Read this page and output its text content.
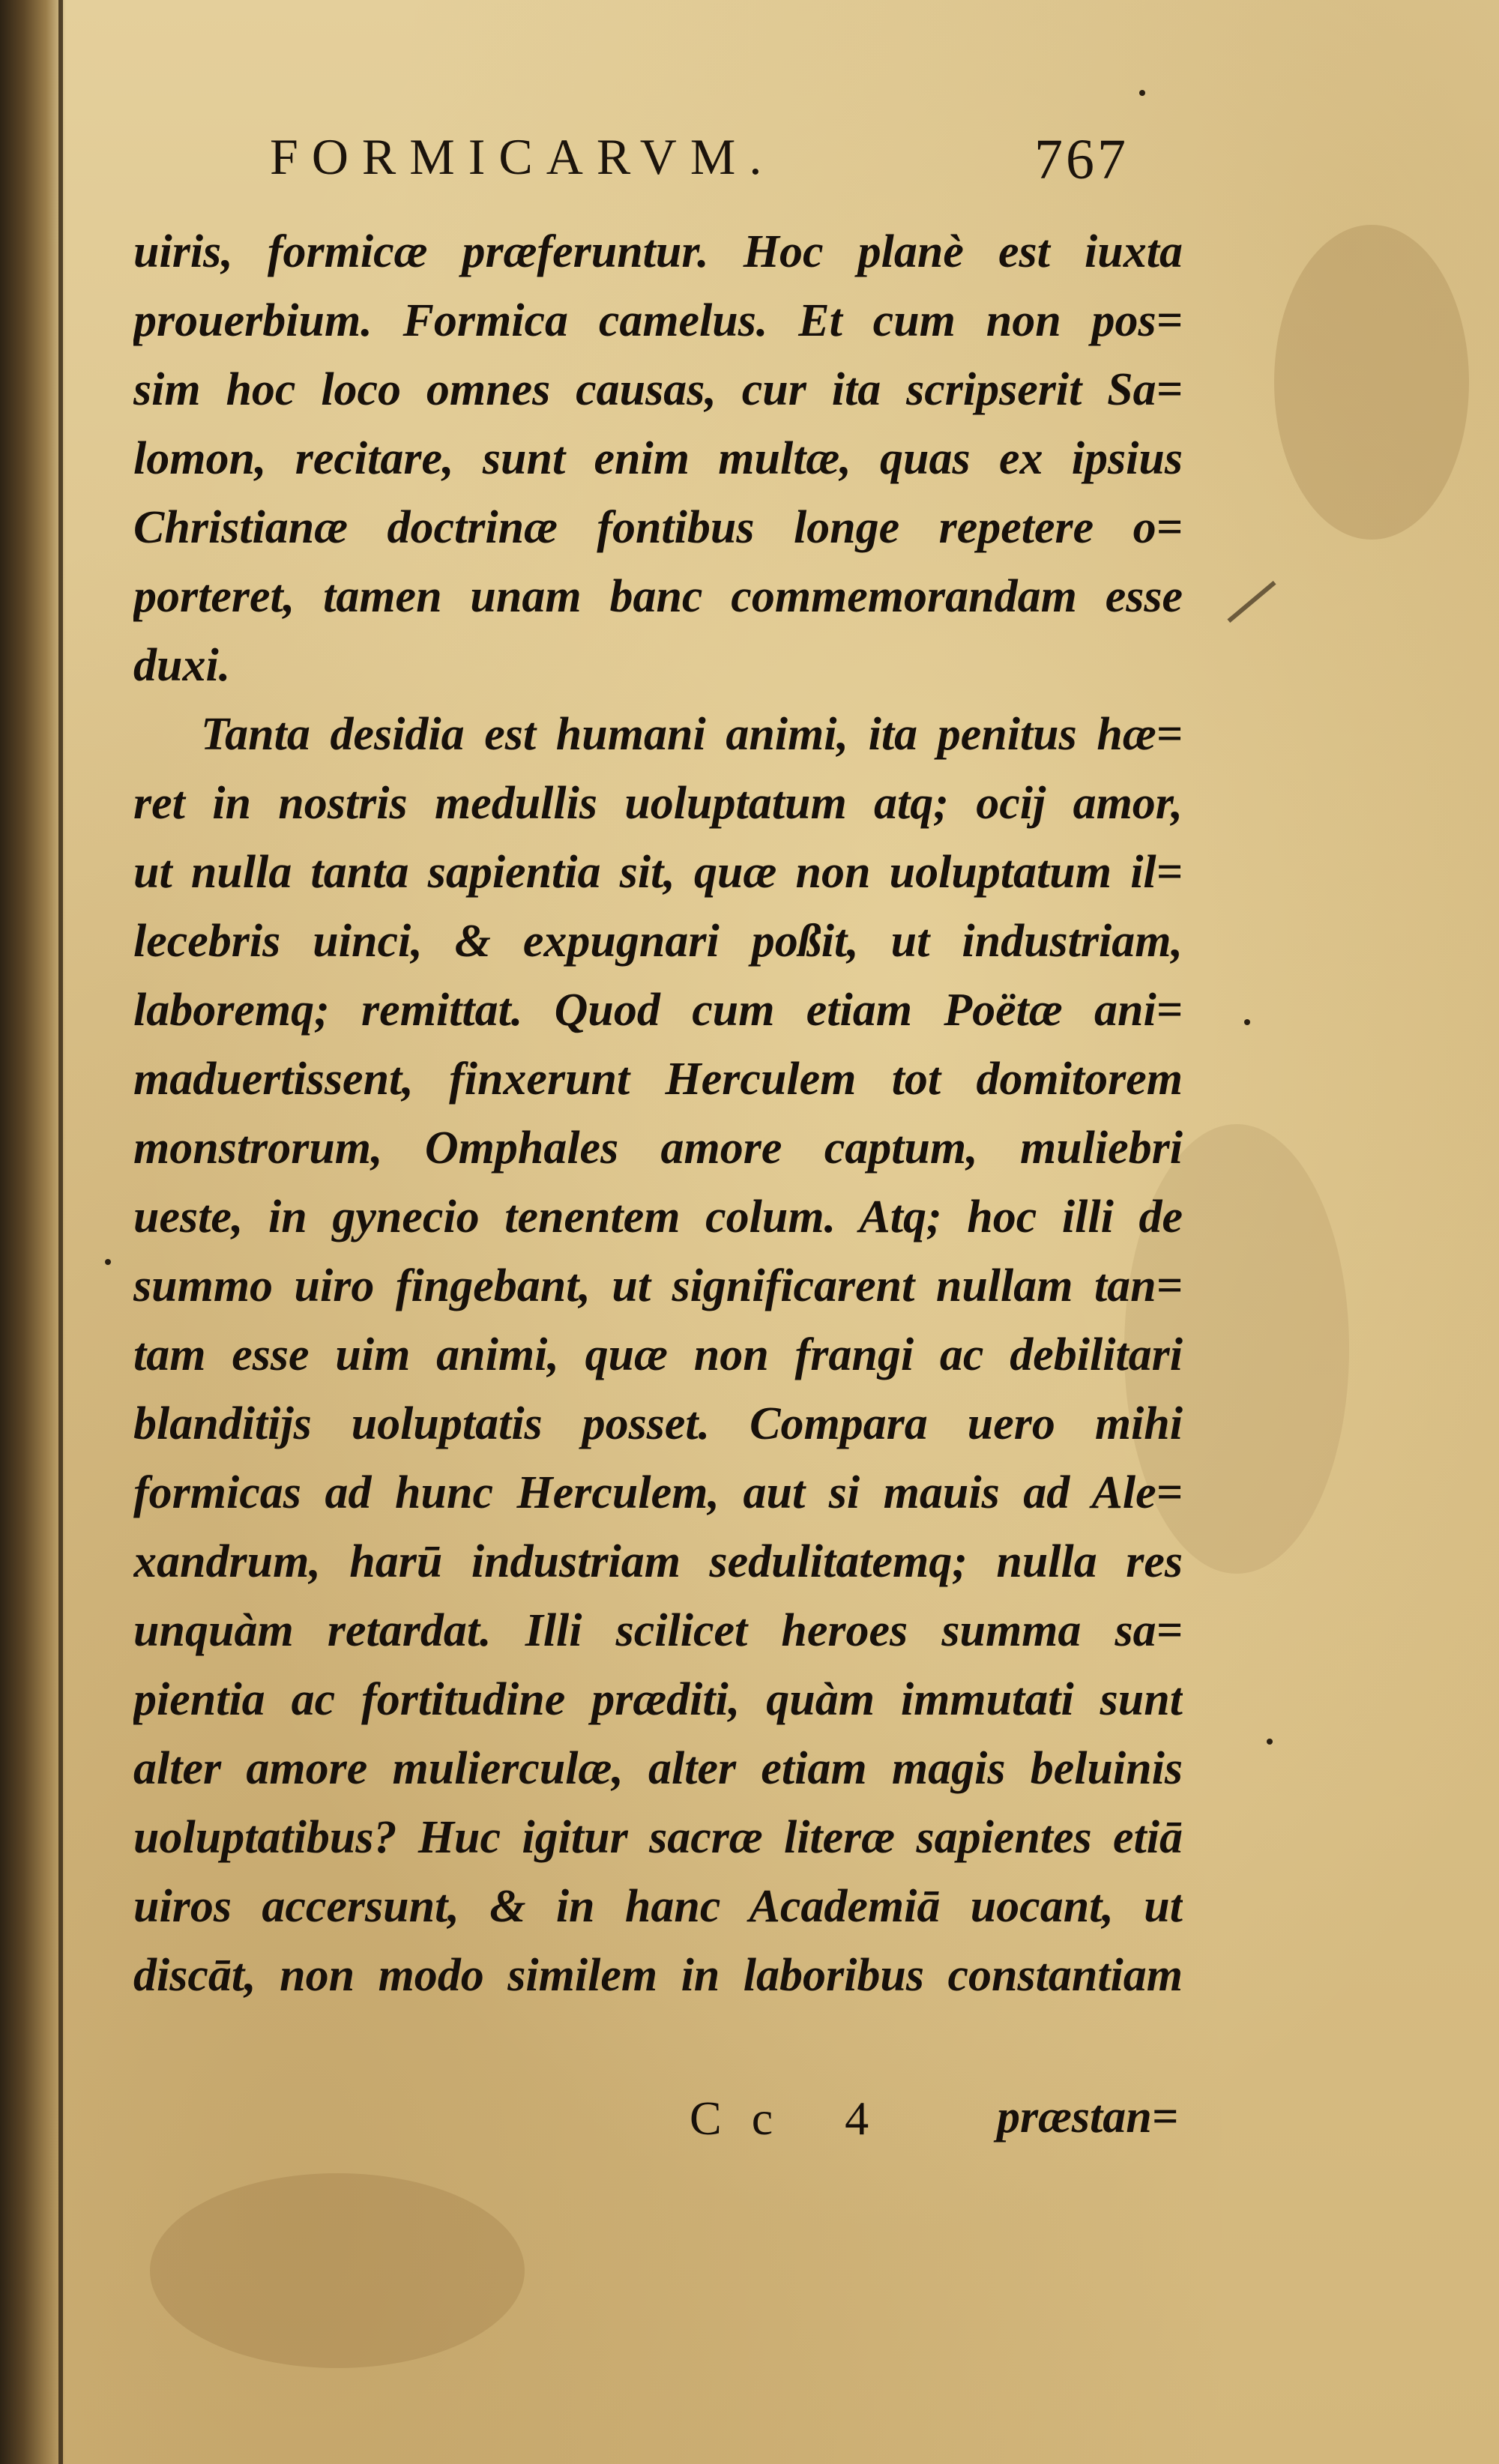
FORMICARVM.	767
uiris, formicæ præferuntur. Hoc planè est iuxta
prouerbium. Formica camelus. Et cum non pos=
sim hoc loco omnes causas, cur ita scripserit Sa=
lomon, recitare, sunt enim multæ, quas ex ipsius
Christianæ doctrinæ fontibus longe repetere o=
porteret, tamen unam banc commemorandam esse
duxi.
Tanta desidia est humani animi, ita penitus hæ=
ret in nostris medullis uoluptatum atq; ocij amor,
ut nulla tanta sapientia sit, quæ non uoluptatum il=
lecebris uinci, & expugnari poßit, ut industriam,
laboremq; remittat. Quod cum etiam Poëtæ ani=
maduertissent, finxerunt Herculem tot domitorem
monstrorum, Omphales amore captum, muliebri
ueste, in gynecio tenentem colum. Atq; hoc illi de
summo uiro fingebant, ut significarent nullam tan=
tam esse uim animi, quæ non frangi ac debilitari
blanditijs uoluptatis posset. Compara uero mihi
formicas ad hunc Herculem, aut si mauis ad Ale=
xandrum, harū industriam sedulitatemq; nulla res
unquàm retardat. Illi scilicet heroes summa sa=
pientia ac fortitudine præditi, quàm immutati sunt
alter amore mulierculæ, alter etiam magis beluinis
uoluptatibus? Huc igitur sacræ literæ sapientes etiā
uiros accersunt, & in hanc Academiā uocant, ut
discāt, non modo similem in laboribus constantiam
Cc 4 præstan=
